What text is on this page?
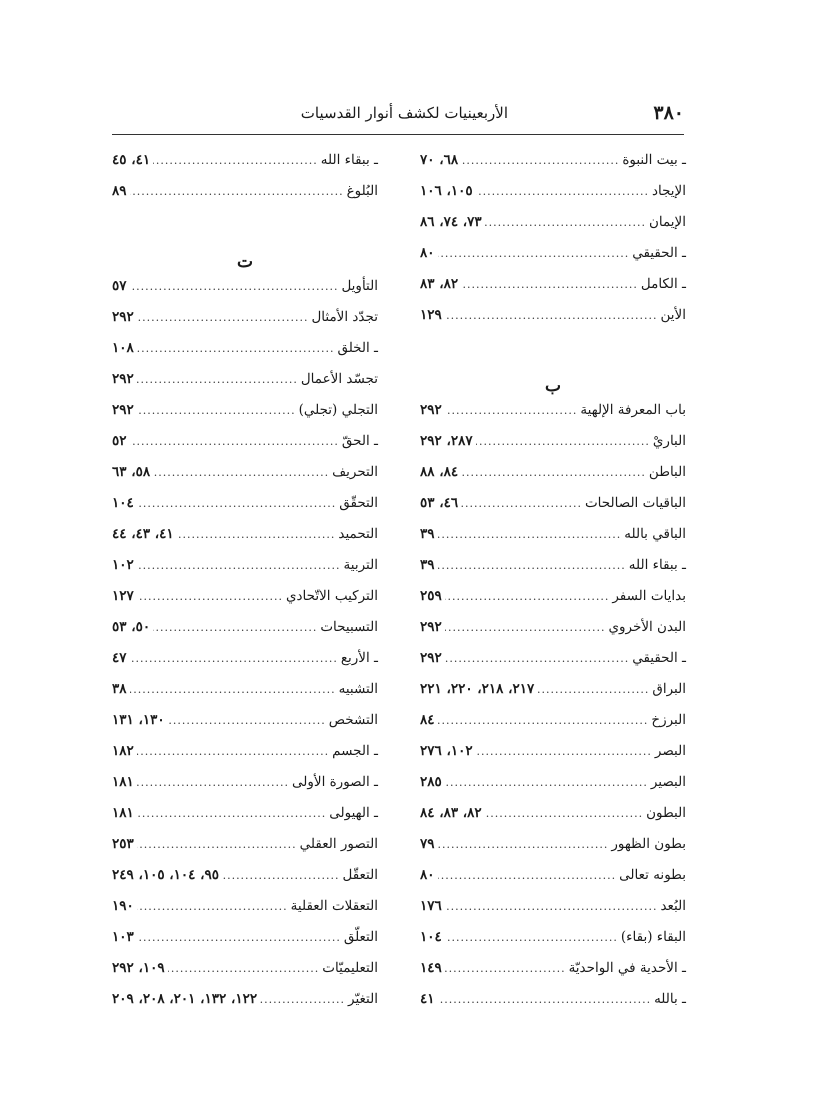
٣٨٠
الأربعينيات لكشف أنوار القدسيات
ـ بيت النبوة
.....
٦٨، ٧٠
الإيجاد
.....
١٠٥، ١٠٦
الإيمان
.....
٧٣، ٧٤، ٨٦
ـ الحقيقي
.....
٨٠
ـ الكامل
.....
٨٢، ٨٣
الأين
.....
١٢٩
ب
باب المعرفة الإلهية
.....
٢٩٢
الباريْ
.....
٢٨٧، ٢٩٢
الباطن
.....
٨٤، ٨٨
الباقيات الصالحات
.....
٤٦، ٥٣
الباقي بالله
.....
٣٩
ـ ببقاء الله
.....
٣٩
بدايات السفر
.....
٢٥٩
البدن الأخروي
.....
٢٩٢
ـ الحقيقي
.....
٢٩٢
البراق
.....
٢١٧، ٢١٨، ٢٢٠، ٢٢١
البرزخ
.....
٨٤
البصر
.....
١٠٢، ٢٧٦
البصير
.....
٢٨٥
البطون
.....
٨٢، ٨٣، ٨٤
بطون الظهور
.....
٧٩
بطونه تعالى
.....
٨٠
البُعد
.....
١٧٦
البقاء (بقاء)
.....
١٠٤
ـ الأحدية في الواحديّة
.....
١٤٩
ـ بالله
.....
٤١
ـ ببقاء الله
.....
٤١، ٤٥
البُلوغ
.....
٨٩
ت
التأويل
.....
٥٧
تجدّد الأمثال
.....
٢٩٢
ـ الخلق
.....
١٠٨
تجسّد الأعمال
.....
٢٩٢
التجلي (تجلي)
.....
٢٩٢
ـ الحقّ
.....
٥٢
التحريف
.....
٥٨، ٦٣
التحقّق
.....
١٠٤
التحميد
.....
٤١، ٤٣، ٤٤
التربية
.....
١٠٢
التركيب الاتّحادي
.....
١٢٧
التسبيحات
.....
٥٠، ٥٣
ـ الأربع
.....
٤٧
التشبيه
.....
٣٨
التشخص
.....
١٣٠، ١٣١
ـ الجسم
.....
١٨٢
ـ الصورة الأولى
.....
١٨١
ـ الهيولى
.....
١٨١
التصور العقلي
.....
٢٥٣
التعقّل
.....
٩٥، ١٠٤، ١٠٥، ٢٤٩
التعقلات العقلية
.....
١٩٠
التعلّق
.....
١٠٣
التعليميّات
.....
١٠٩، ٢٩٢
التغيّر
.....
١٢٢، ١٣٢، ٢٠١، ٢٠٨، ٢٠٩
